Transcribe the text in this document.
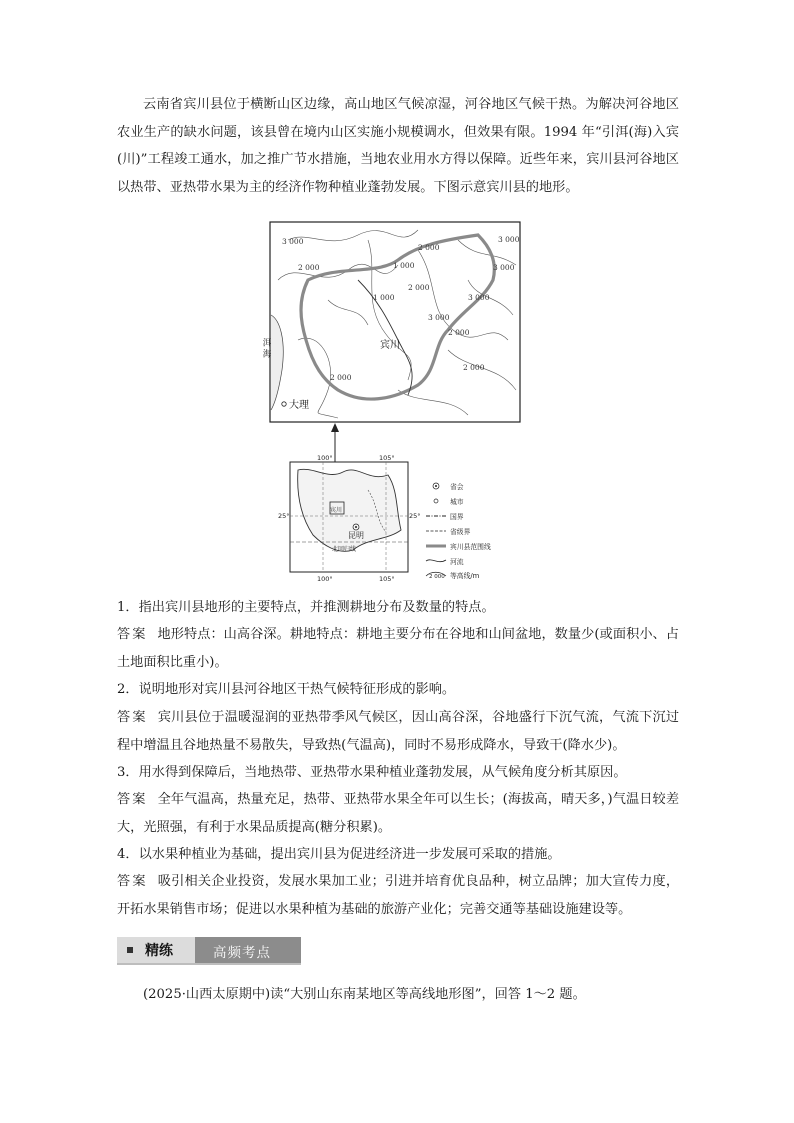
云南省宾川县位于横断山区边缘，高山地区气候凉湿，河谷地区气候干热。为解决河谷地区农业生产的缺水问题，该县曾在境内山区实施小规模调水，但效果有限。1994 年“引洱(海)入宾(川)”工程竣工通水，加之推广节水措施，当地农业用水方得以保障。近些年来，宾川县河谷地区以热带、亚热带水果为主的经济作物种植业蓬勃发展。下图示意宾川县的地形。
3 000
2 000
3 000
3 000
1 000
3 000
2 000
2 000
2 000
1 000
2 000
3 000
2 000
宾川
大理
洱 海
100°	105°
100°	105°
25°	25°
宾川
昆明
北回归线
省会
城市
国界
省级界
宾川县范围线
河流
2 000 等高线/m
1．指出宾川县地形的主要特点，并推测耕地分布及数量的特点。
答案 地形特点：山高谷深。耕地特点：耕地主要分布在谷地和山间盆地，数量少(或面积小、占土地面积比重小)。
2．说明地形对宾川县河谷地区干热气候特征形成的影响。
答案 宾川县位于温暖湿润的亚热带季风气候区，因山高谷深，谷地盛行下沉气流，气流下沉过程中增温且谷地热量不易散失，导致热(气温高)，同时不易形成降水，导致干(降水少)。
3．用水得到保障后，当地热带、亚热带水果种植业蓬勃发展，从气候角度分析其原因。
答案 全年气温高，热量充足，热带、亚热带水果全年可以生长；(海拔高，晴天多，)气温日较差大，光照强，有利于水果品质提高(糖分积累)。
4．以水果种植业为基础，提出宾川县为促进经济进一步发展可采取的措施。
答案 吸引相关企业投资，发展水果加工业；引进并培育优良品种，树立品牌；加大宣传力度，开拓水果销售市场；促进以水果种植为基础的旅游产业化；完善交通等基础设施建设等。
精练	高频考点
(2025·山西太原期中)读“大别山东南某地区等高线地形图”，回答 1～2 题。
